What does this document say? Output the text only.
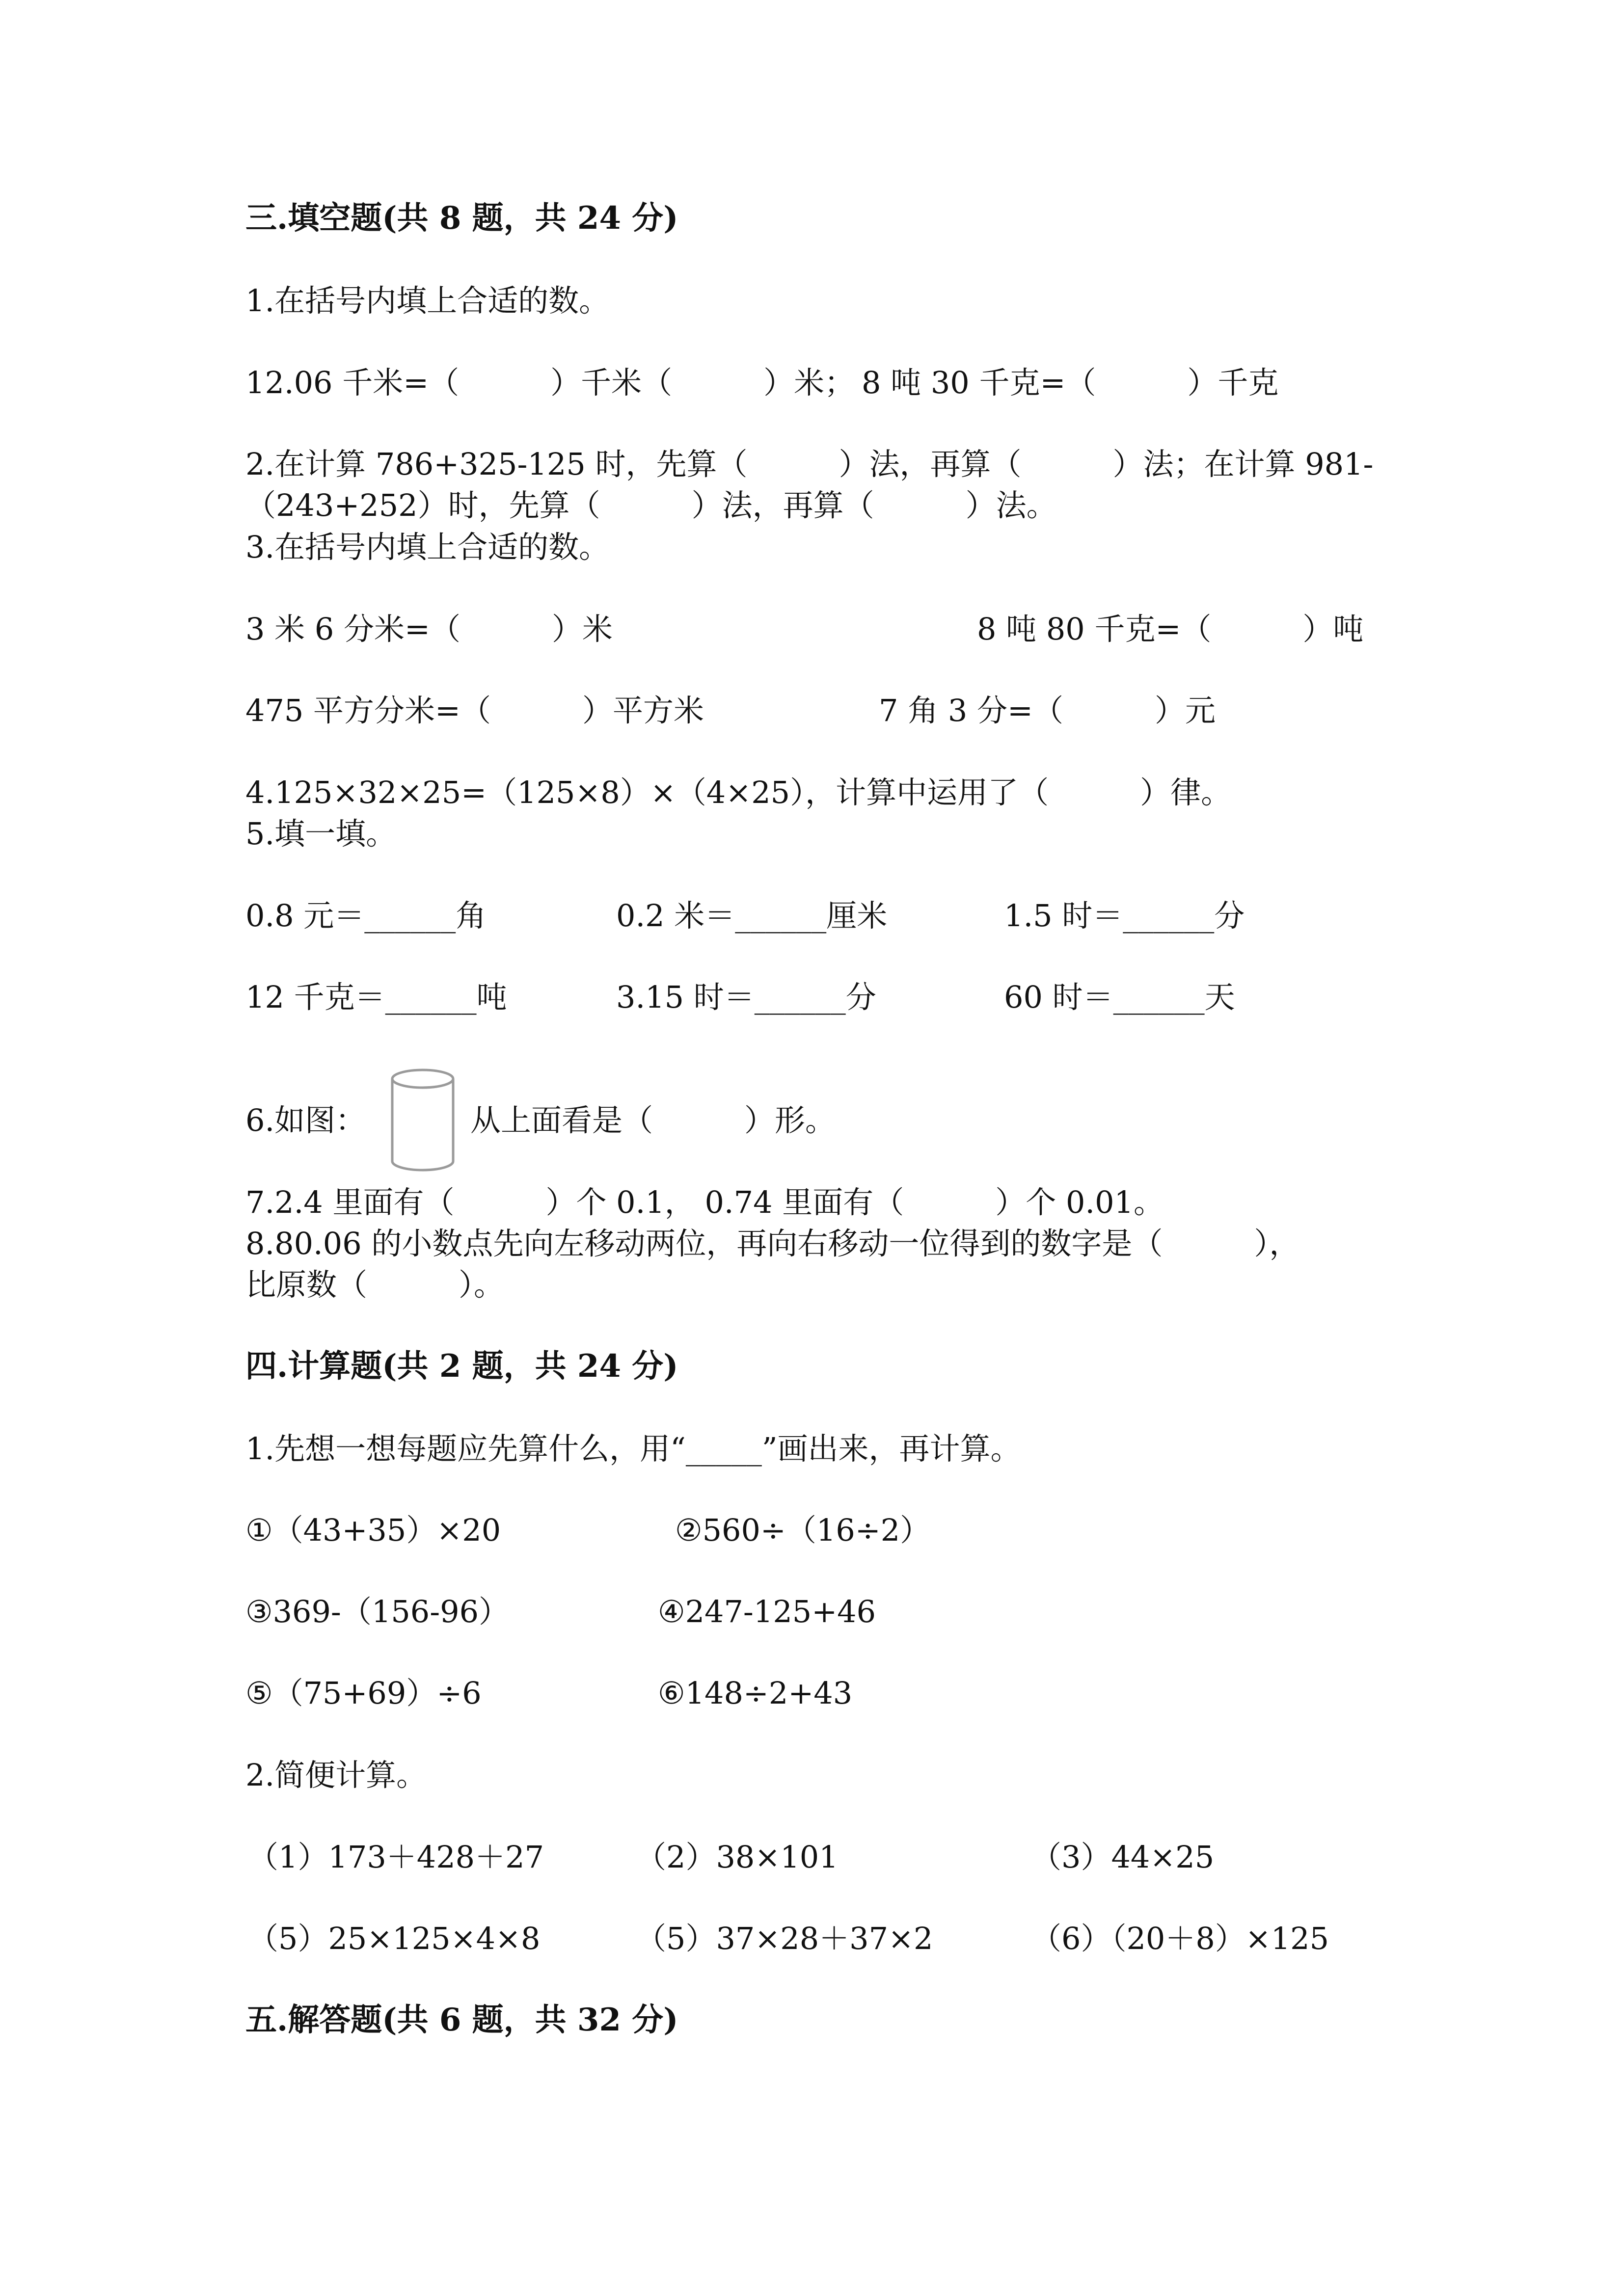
三.填空题(共 8 题，共 24 分)
1.在括号内填上合适的数。
12.06 千米=（　　　）千米（　　　）米； 8 吨 30 千克=（　　　）千克
2.在计算 786+325-125 时，先算（　　　）法，再算（　　　）法；在计算 981-
（243+252）时，先算（　　　）法，再算（　　　）法。
3.在括号内填上合适的数。
3 米 6 分米=（　　　）米	8 吨 80 千克=（　　　）吨
475 平方分米=（　　　）平方米	7 角 3 分=（　　　）元
4.125×32×25=（125×8）×（4×25），计算中运用了（　　　）律。
5.填一填。
0.8 元＝______角	0.2 米＝______厘米	1.5 时＝______分
12 千克＝______吨	3.15 时＝______分	60 时＝______天
6.如图：	从上面看是（　　　）形。
7.2.4 里面有（　　　）个 0.1， 0.74 里面有（　　　）个 0.01。
8.80.06 的小数点先向左移动两位，再向右移动一位得到的数字是（　　　），
比原数（　　　）。
四.计算题(共 2 题，共 24 分)
1.先想一想每题应先算什么，用“_____”画出来，再计算。
①（43+35）×20	②560÷（16÷2）
③369-（156-96）	④247-125+46
⑤（75+69）÷6	⑥148÷2+43
2.简便计算。
（1）173＋428＋27	（2）38×101	（3）44×25
（5）25×125×4×8	（5）37×28＋37×2	（6）（20＋8）×125
五.解答题(共 6 题，共 32 分)
